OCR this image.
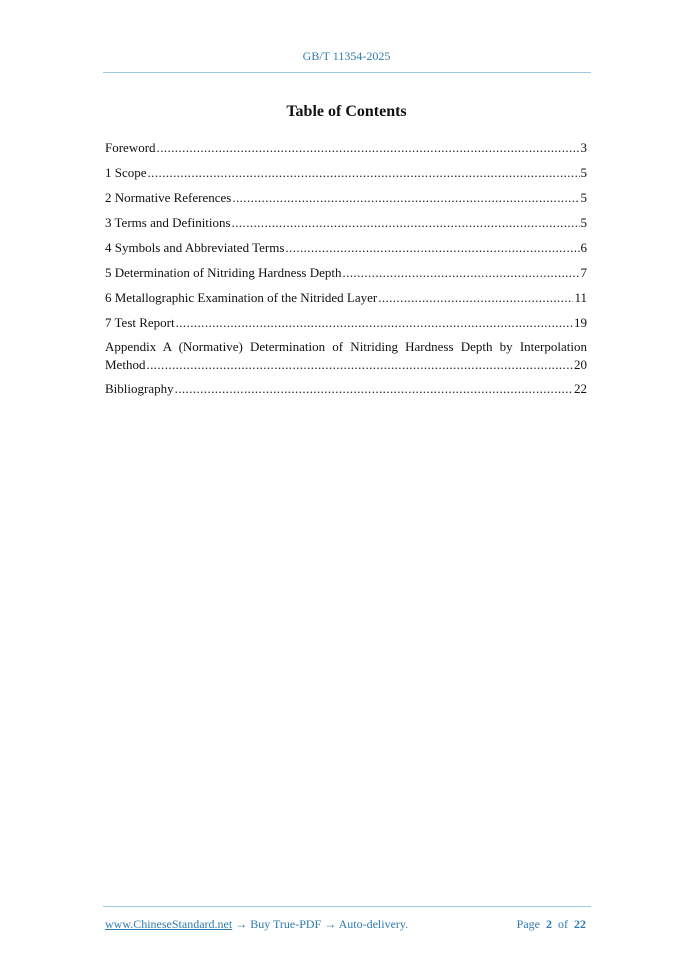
GB/T 11354-2025
Table of Contents
Foreword .....	3
1 Scope .....	5
2 Normative References .....	5
3 Terms and Definitions .....	5
4 Symbols and Abbreviated Terms .....	6
5 Determination of Nitriding Hardness Depth .....	7
6 Metallographic Examination of the Nitrided Layer .....	11
7 Test Report .....	19
Appendix A (Normative) Determination of Nitriding Hardness Depth by Interpolation
Method .....	20
Bibliography .....	22
www.ChineseStandard.net → Buy True-PDF → Auto-delivery.	Page 2 of 22
